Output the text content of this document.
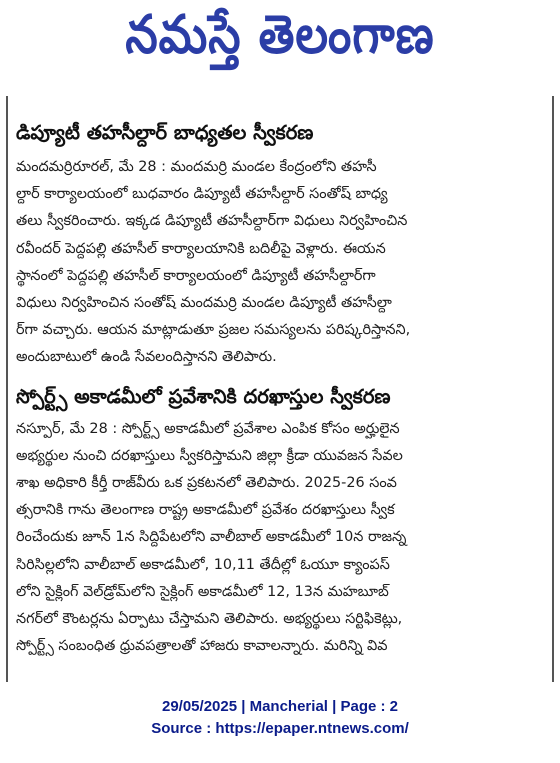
నమస్తే తెలంగాణ
డిప్యూటీ తహసీల్దార్ బాధ్యతల స్వీకరణ
మందమర్రిరూరల్, మే 28 : మందమర్రి మండల కేంద్రంలోని తహసీ
ల్దార్ కార్యాలయంలో బుధవారం డిప్యూటీ తహసీల్దార్ సంతోష్ బాధ్య
తలు స్వీకరించారు. ఇక్కడ డిప్యూటీ తహసీల్దార్‌గా విధులు నిర్వహించిన
రవీందర్ పెద్దపల్లి తహసీల్ కార్యాలయానికి బదిలీపై వెళ్లారు. ఈయన
స్థానంలో పెద్దపల్లి తహసీల్ కార్యాలయంలో డిప్యూటీ తహసీల్దార్‌గా
విధులు నిర్వహించిన సంతోష్ మందమర్రి మండల డిప్యూటీ తహసీల్దా
ర్‌గా వచ్చారు. ఆయన మాట్లాడుతూ ప్రజల సమస్యలను పరిష్కరిస్తానని,
అందుబాటులో ఉండి సేవలందిస్తానని తెలిపారు.
స్పోర్ట్స్ అకాడమీలో ప్రవేశానికి దరఖాస్తుల స్వీకరణ
నస్పూర్, మే 28 : స్పోర్ట్స్ అకాడమీలో ప్రవేశాల ఎంపిక కోసం అర్హులైన
అభ్యర్థుల నుంచి దరఖాస్తులు స్వీకరిస్తామని జిల్లా క్రీడా యువజన సేవల
శాఖ అధికారి కీర్తీ రాజ్‌వీరు ఒక ప్రకటనలో తెలిపారు. 2025-26 సంవ
త్సరానికి గాను తెలంగాణ రాష్ట్ర అకాడమీలో ప్రవేశం దరఖాస్తులు స్వీక
రించేందుకు జూన్ 1న సిద్దిపేటలోని వాలీబాల్ అకాడమీలో 10న రాజన్న
సిరిసిల్లలోని వాలీబాల్ అకాడమీలో, 10,11 తేదీల్లో ఓయూ క్యాంపస్
లోని సైక్లింగ్ వెల్‌డ్రోమ్‌లోని సైక్లింగ్ అకాడమీలో 12, 13న మహబూబ్
నగర్‌లో కౌంటర్లను ఏర్పాటు చేస్తామని తెలిపారు. అభ్యర్థులు సర్టిఫికెట్లు,
స్పోర్ట్స్ సంబంధిత ధ్రువపత్రాలతో హాజరు కావాలన్నారు. మరిన్ని వివ
29/05/2025 | Mancherial | Page : 2
Source : https://epaper.ntnews.com/
